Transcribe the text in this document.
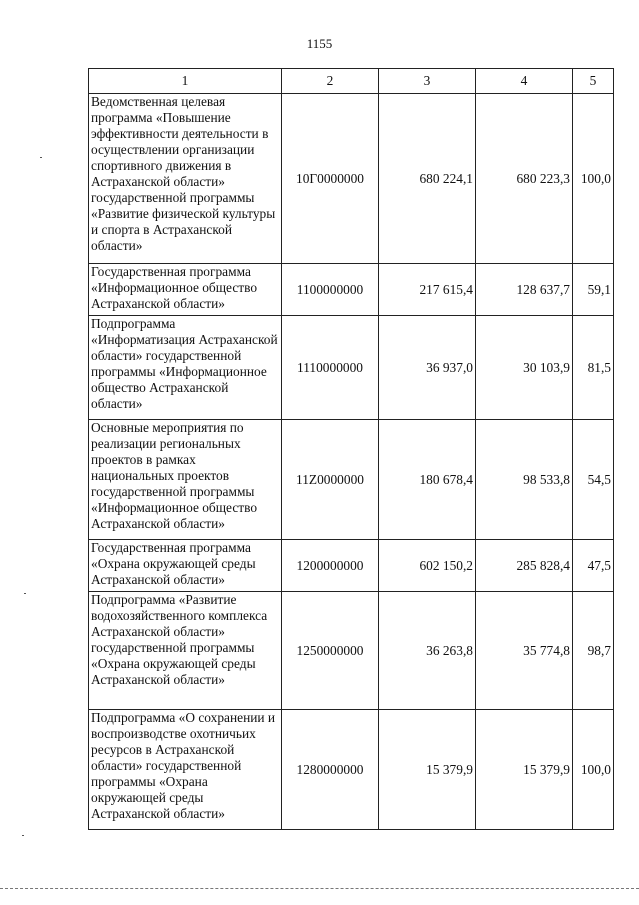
1155
1	2	3	4	5
Ведомственная целевая программа «Повышение эффективности деятельности в осуществлении организации спортивного движения в Астраханской области» государственной программы «Развитие физической культуры и спорта в Астраханской области»	10Г0000000	680 224,1	680 223,3	100,0
Государственная программа «Информационное общество Астраханской области»	1100000000	217 615,4	128 637,7	59,1
Подпрограмма «Информатизация Астраханской области» государственной программы «Информационное общество Астраханской области»	1110000000	36 937,0	30 103,9	81,5
Основные мероприятия по реализации региональных проектов в рамках национальных проектов государственной программы «Информационное общество Астраханской области»	11Z0000000	180 678,4	98 533,8	54,5
Государственная программа «Охрана окружающей среды Астраханской области»	1200000000	602 150,2	285 828,4	47,5
Подпрограмма «Развитие водохозяйственного комплекса Астраханской области» государственной программы «Охрана окружающей среды Астраханской области»	1250000000	36 263,8	35 774,8	98,7
Подпрограмма «О сохранении и воспроизводстве охотничьих ресурсов в Астраханской области» государственной программы «Охрана окружающей среды Астраханской области»	1280000000	15 379,9	15 379,9	100,0
